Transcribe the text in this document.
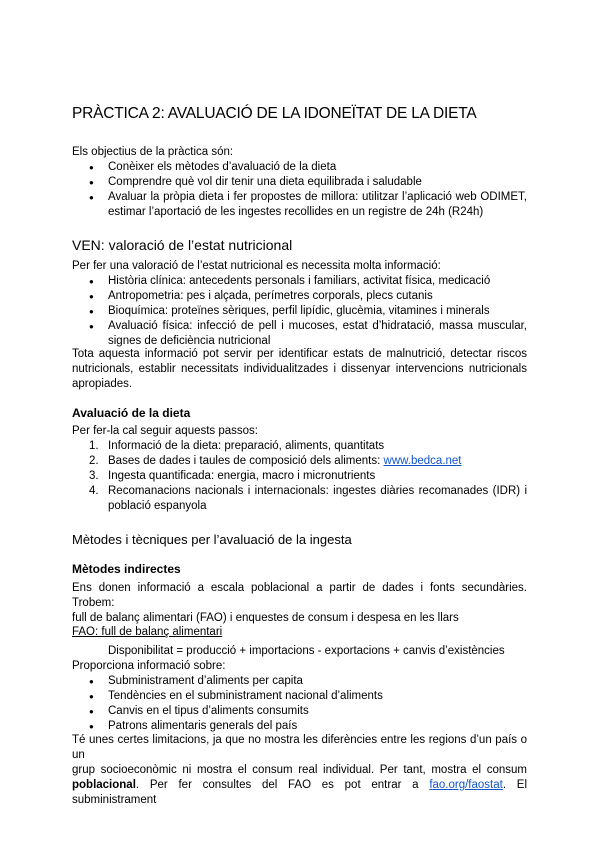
PRÀCTICA 2: AVALUACIÓ DE LA IDONEÏTAT DE LA DIETA
Els objectius de la pràctica són:
● Conèixer els mètodes d’avaluació de la dieta
● Comprendre què vol dir tenir una dieta equilibrada i saludable
● Avaluar la pròpia dieta i fer propostes de millora: utilitzar l’aplicació web ODIMET,
estimar l’aportació de les ingestes recollides en un registre de 24h (R24h)
VEN: valoració de l’estat nutricional
Per fer una valoració de l’estat nutricional es necessita molta informació:
● Història clínica: antecedents personals i familiars, activitat física, medicació
● Antropometria: pes i alçada, perímetres corporals, plecs cutanis
● Bioquímica: proteïnes sèriques, perfil lipídic, glucèmia, vitamines i minerals
● Avaluació física: infecció de pell i mucoses, estat d’hidratació, massa muscular,
signes de deficiència nutricional
Tota aquesta informació pot servir per identificar estats de malnutrició, detectar riscos
nutricionals, establir necessitats individualitzades i dissenyar intervencions nutricionals
apropiades.
Avaluació de la dieta
Per fer-la cal seguir aquests passos:
1. Informació de la dieta: preparació, aliments, quantitats
2. Bases de dades i taules de composició dels aliments: www.bedca.net
3. Ingesta quantificada: energia, macro i micronutrients
4. Recomanacions nacionals i internacionals: ingestes diàries recomanades (IDR) i
població espanyola
Mètodes i tècniques per l’avaluació de la ingesta
Mètodes indirectes
Ens donen informació a escala poblacional a partir de dades i fonts secundàries. Trobem:
full de balanç alimentari (FAO) i enquestes de consum i despesa en les llars
FAO: full de balanç alimentari
Disponibilitat = producció + importacions - exportacions + canvis d’existències
Proporciona informació sobre:
● Subministrament d’aliments per capita
● Tendències en el subministrament nacional d’aliments
● Canvis en el tipus d’aliments consumits
● Patrons alimentaris generals del país
Té unes certes limitacions, ja que no mostra les diferències entre les regions d’un país o un
grup socioeconòmic ni mostra el consum real individual. Per tant, mostra el consum
poblacional. Per fer consultes del FAO es pot entrar a fao.org/faostat. El subministrament
